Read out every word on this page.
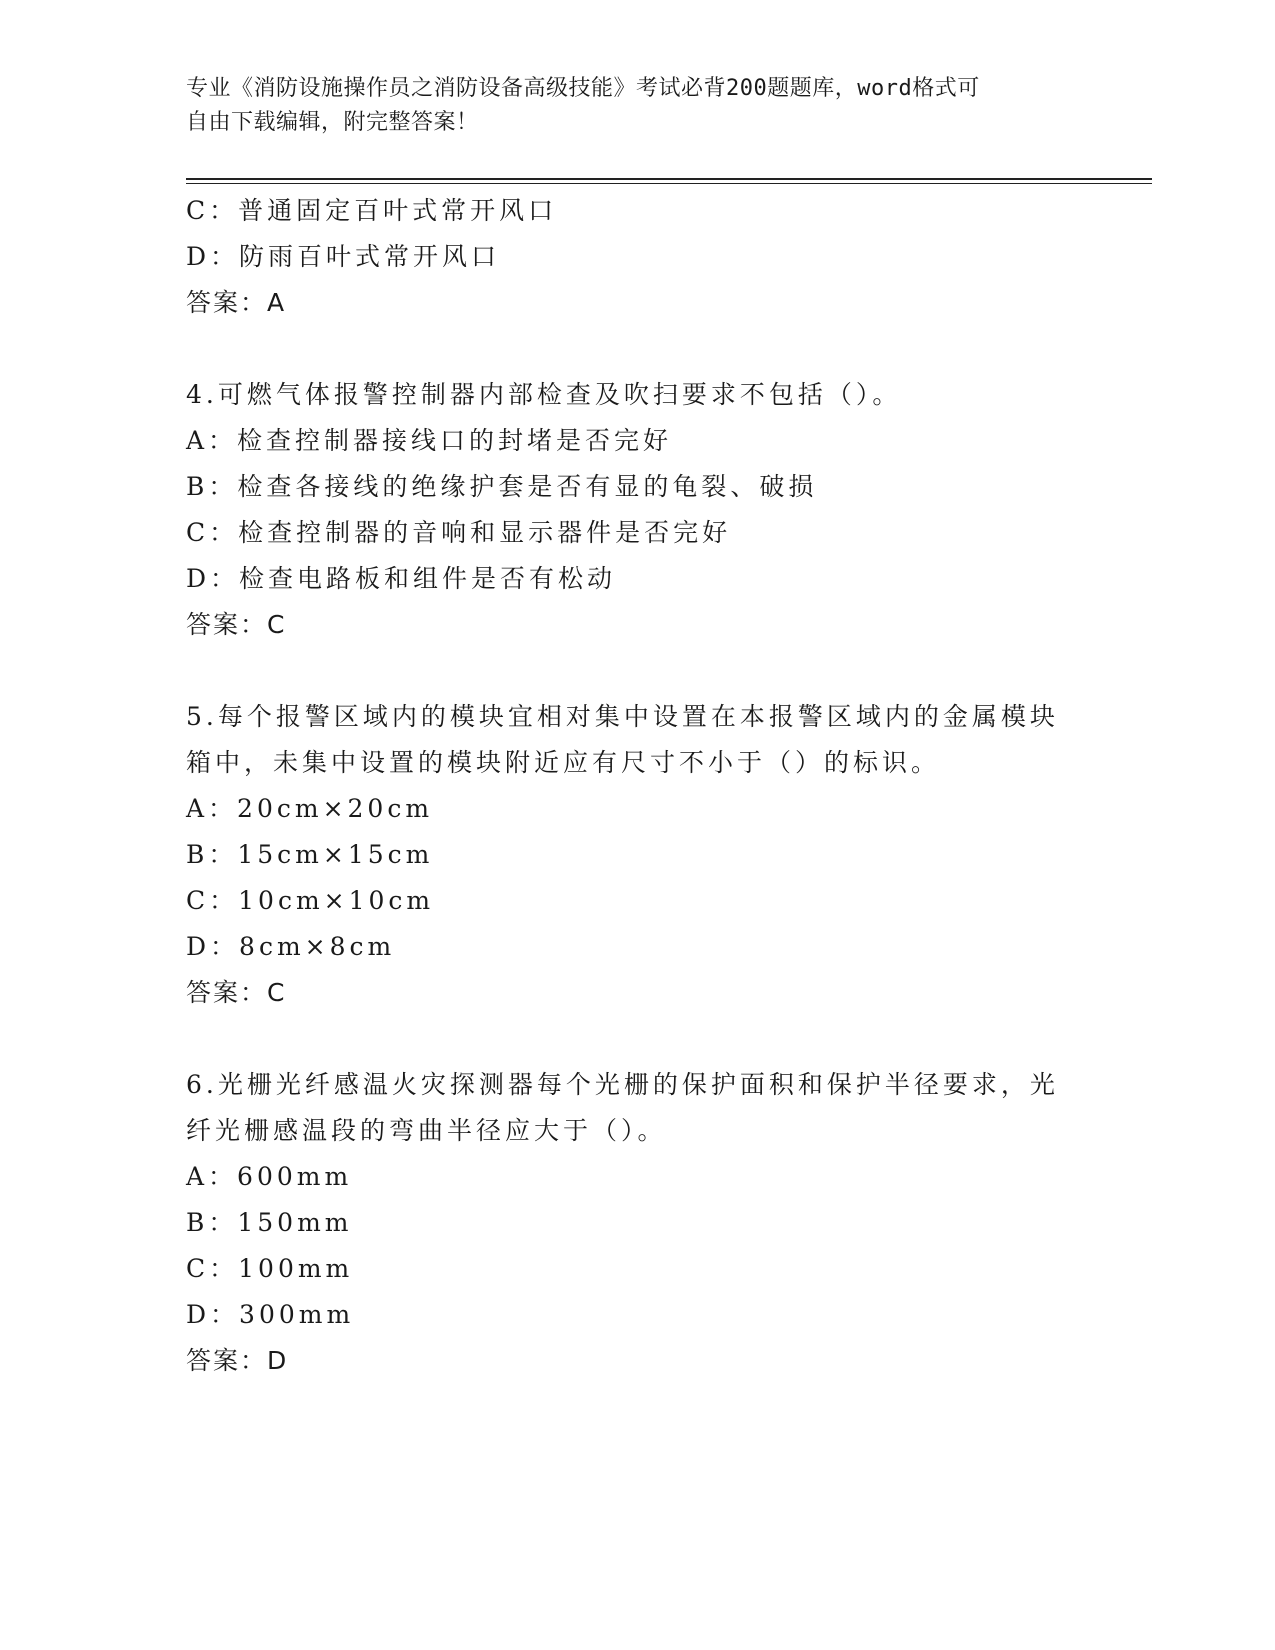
专业《消防设施操作员之消防设备高级技能》考试必背200题题库，word格式可
自由下载编辑，附完整答案！
C：普通固定百叶式常开风口
D：防雨百叶式常开风口
答案：A
4.可燃气体报警控制器内部检查及吹扫要求不包括（）。
A：检查控制器接线口的封堵是否完好
B：检查各接线的绝缘护套是否有显的龟裂、破损
C：检查控制器的音响和显示器件是否完好
D：检查电路板和组件是否有松动
答案：C
5.每个报警区域内的模块宜相对集中设置在本报警区域内的金属模块
箱中，未集中设置的模块附近应有尺寸不小于（）的标识。
A：20cm×20cm
B：15cm×15cm
C：10cm×10cm
D：8cm×8cm
答案：C
6.光栅光纤感温火灾探测器每个光栅的保护面积和保护半径要求，光
纤光栅感温段的弯曲半径应大于（）。
A：600mm
B：150mm
C：100mm
D：300mm
答案：D
